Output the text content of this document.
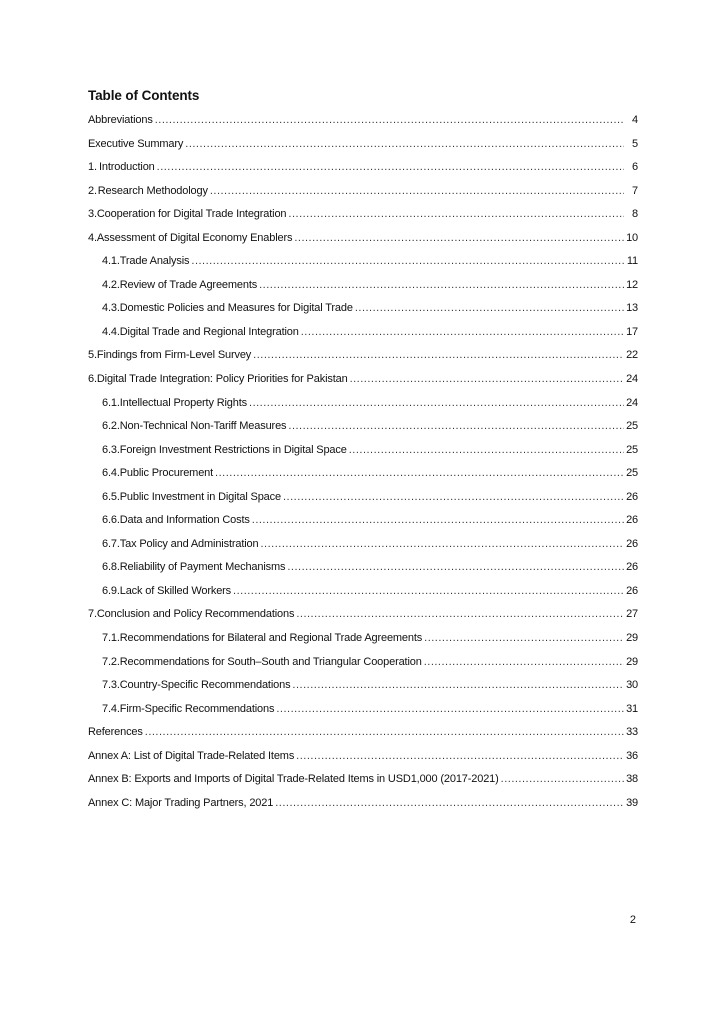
Table of Contents
Abbreviations .....	4
Executive Summary .....	5
1. Introduction .....	6
2. Research Methodology .....	7
3. Cooperation for Digital Trade Integration .....	8
4. Assessment of Digital Economy Enablers .....	10
4.1. Trade Analysis .....	11
4.2. Review of Trade Agreements .....	12
4.3. Domestic Policies and Measures for Digital Trade .....	13
4.4. Digital Trade and Regional Integration .....	17
5. Findings from Firm-Level Survey .....	22
6. Digital Trade Integration: Policy Priorities for Pakistan .....	24
6.1. Intellectual Property Rights .....	24
6.2. Non-Technical Non-Tariff Measures .....	25
6.3. Foreign Investment Restrictions in Digital Space .....	25
6.4. Public Procurement .....	25
6.5. Public Investment in Digital Space .....	26
6.6. Data and Information Costs .....	26
6.7. Tax Policy and Administration .....	26
6.8. Reliability of Payment Mechanisms .....	26
6.9. Lack of Skilled Workers .....	26
7. Conclusion and Policy Recommendations .....	27
7.1. Recommendations for Bilateral and Regional Trade Agreements .....	29
7.2. Recommendations for South–South and Triangular Cooperation .....	29
7.3. Country-Specific Recommendations .....	30
7.4. Firm-Specific Recommendations .....	31
References .....	33
Annex A: List of Digital Trade-Related Items .....	36
Annex B: Exports and Imports of Digital Trade-Related Items in USD1,000 (2017-2021) .....	38
Annex C: Major Trading Partners, 2021 .....	39
2
